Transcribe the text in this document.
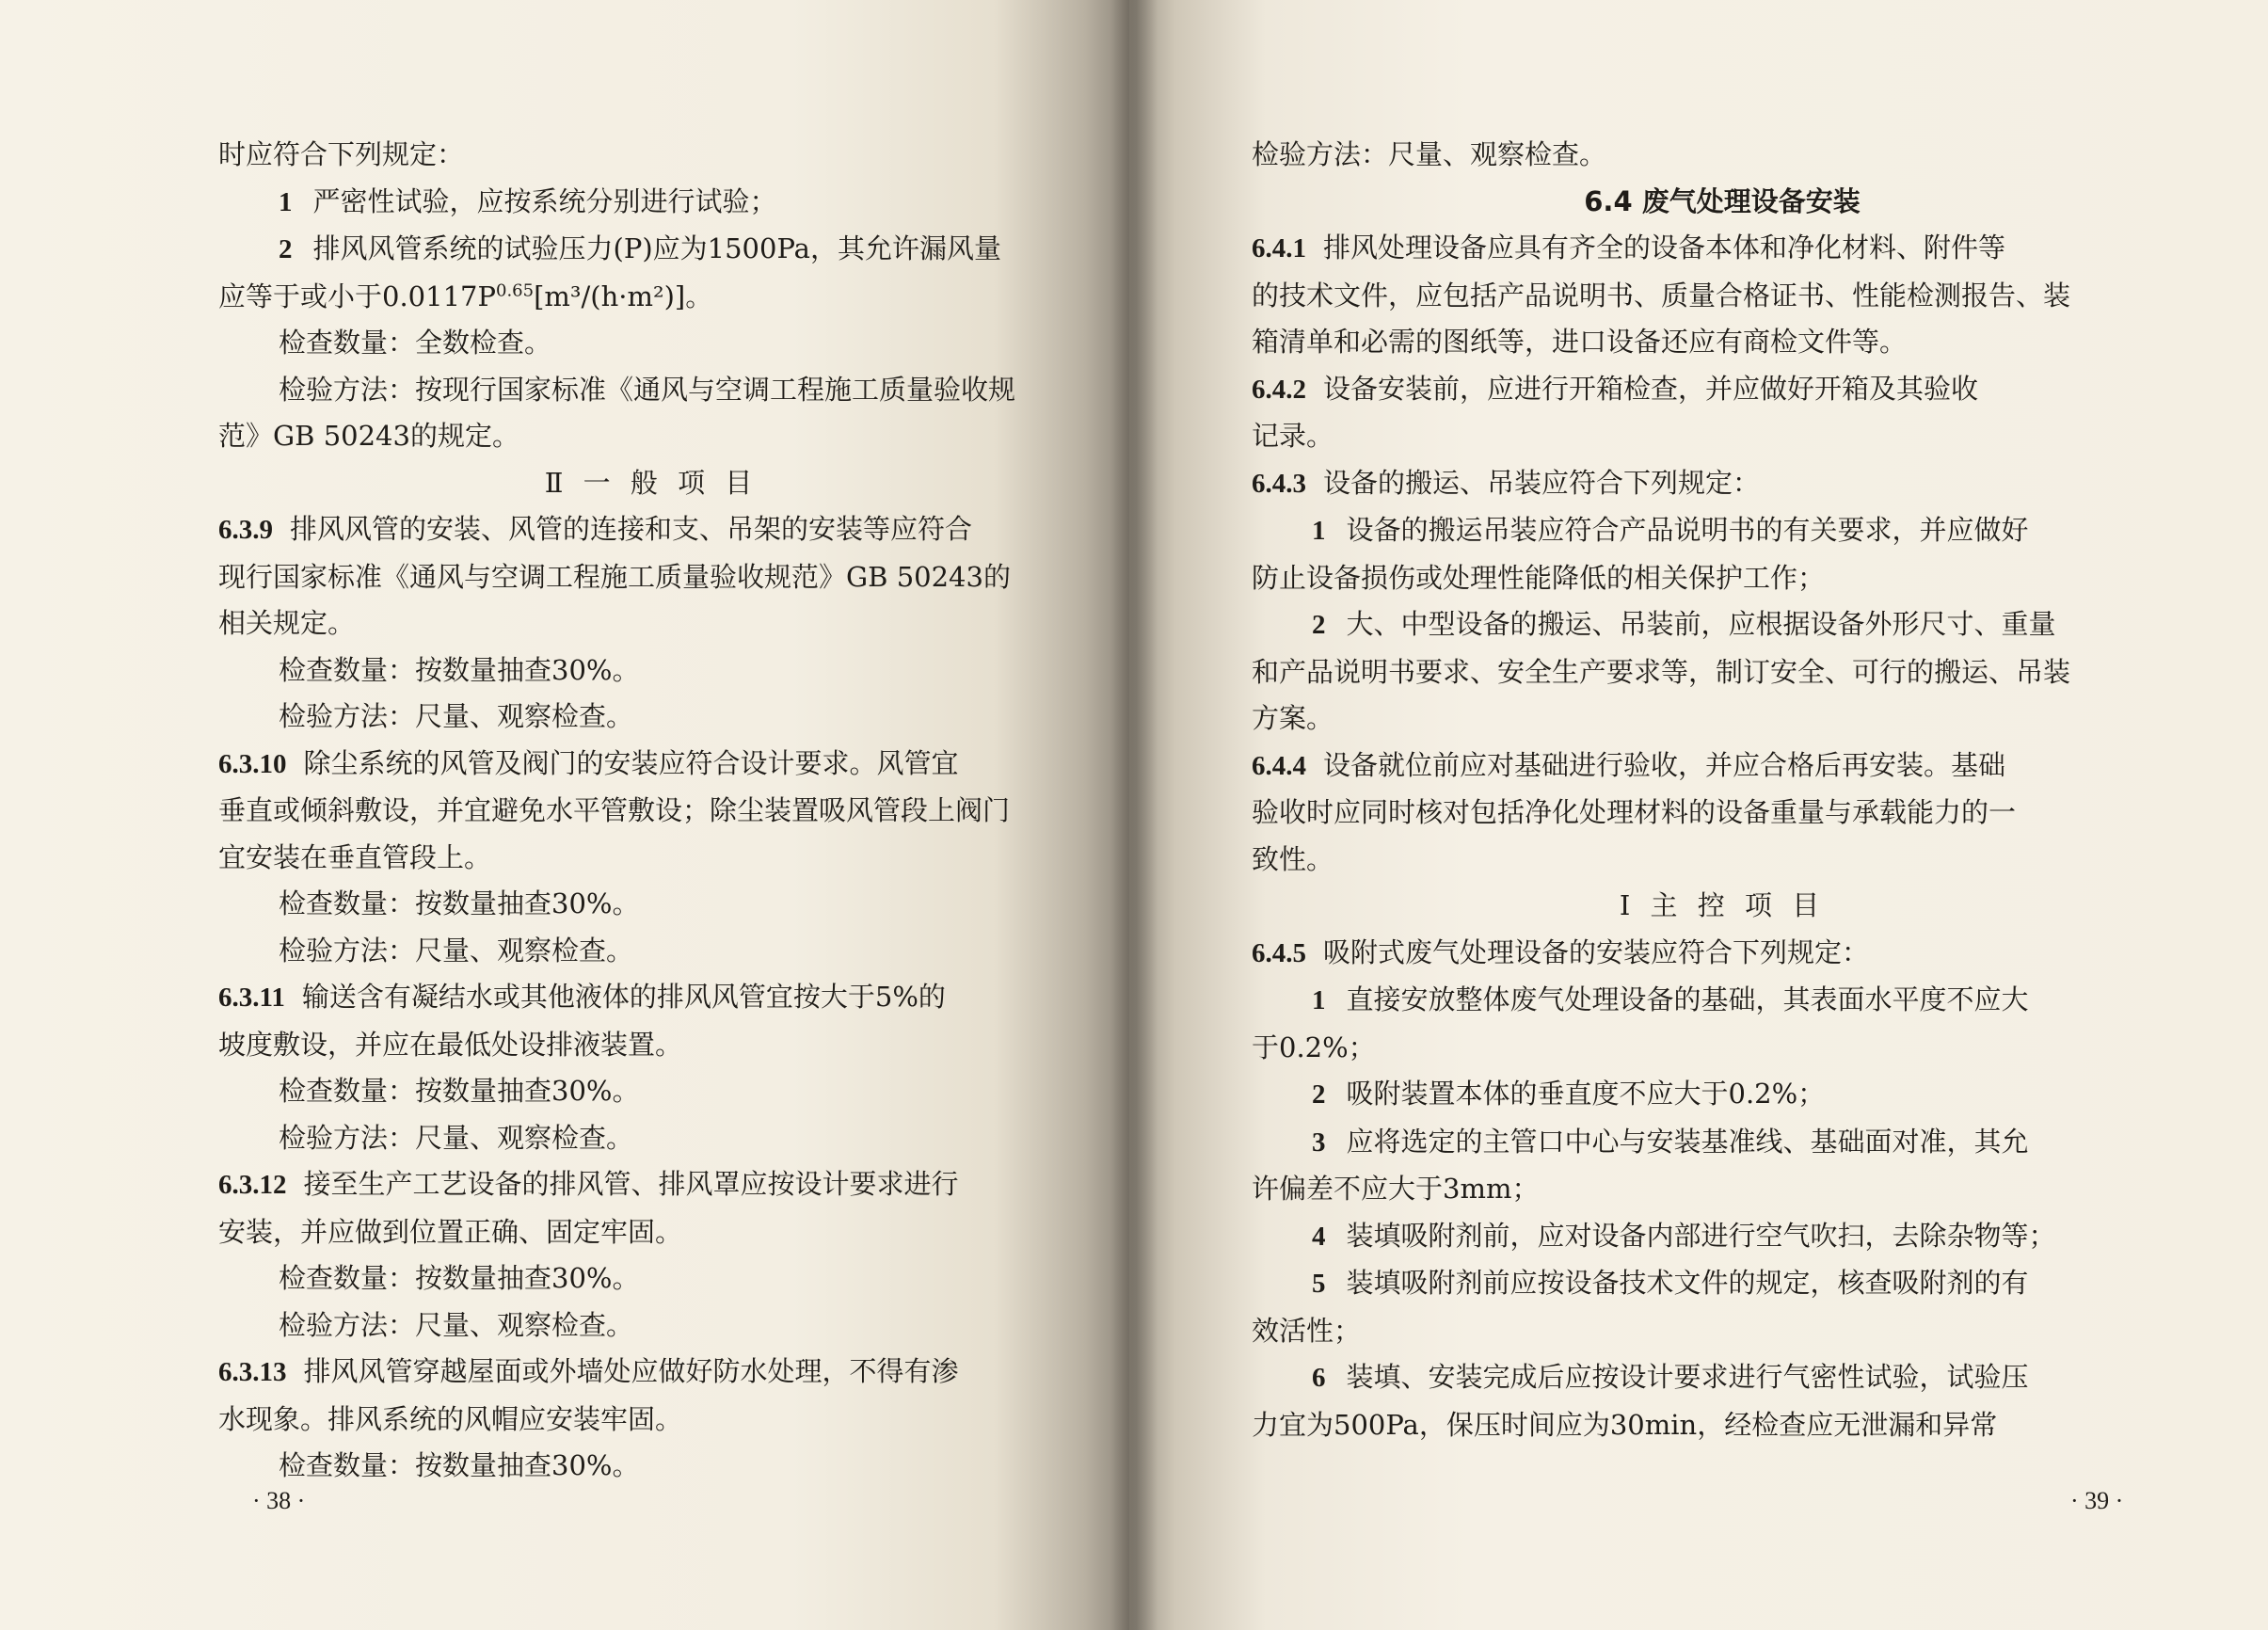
时应符合下列规定：

1 严密性试验，应按系统分别进行试验；

2 排风风管系统的试验压力(P)应为1500Pa，其允许漏风量

应等于或小于$0.0117P^{0.65}[m^3/(h\cdot m^2)]$。

检查数量：全数检查。

检验方法：按现行国家标准《通风与空调工程施工质量验收规

范》GB 50243的规定。

Ⅱ 一 般 项 目

6.3.9 排风风管的安装、风管的连接和支、吊架的安装等应符合

现行国家标准《通风与空调工程施工质量验收规范》GB 50243的

相关规定。

检查数量：按数量抽查30%。

检验方法：尺量、观察检查。

6.3.10 除尘系统的风管及阀门的安装应符合设计要求。风管宜

垂直或倾斜敷设，并宜避免水平管敷设；除尘装置吸风管段上阀门

宜安装在垂直管段上。

检查数量：按数量抽查30%。

检验方法：尺量、观察检查。

6.3.11 输送含有凝结水或其他液体的排风风管宜按大于5%的

坡度敷设，并应在最低处设排液装置。

检查数量：按数量抽查30%。

检验方法：尺量、观察检查。

6.3.12 接至生产工艺设备的排风管、排风罩应按设计要求进行

安装，并应做到位置正确、固定牢固。

检查数量：按数量抽查30%。

检验方法：尺量、观察检查。

6.3.13 排风风管穿越屋面或外墙处应做好防水处理，不得有渗

水现象。排风系统的风帽应安装牢固。

检查数量：按数量抽查30%。

· 38 ·

检验方法：尺量、观察检查。

6.4 废气处理设备安装

6.4.1 排风处理设备应具有齐全的设备本体和净化材料、附件等

的技术文件，应包括产品说明书、质量合格证书、性能检测报告、装

箱清单和必需的图纸等，进口设备还应有商检文件等。

6.4.2 设备安装前，应进行开箱检查，并应做好开箱及其验收

记录。

6.4.3 设备的搬运、吊装应符合下列规定：

1 设备的搬运吊装应符合产品说明书的有关要求，并应做好

防止设备损伤或处理性能降低的相关保护工作；

2 大、中型设备的搬运、吊装前，应根据设备外形尺寸、重量

和产品说明书要求、安全生产要求等，制订安全、可行的搬运、吊装

方案。

6.4.4 设备就位前应对基础进行验收，并应合格后再安装。基础

验收时应同时核对包括净化处理材料的设备重量与承载能力的一

致性。

Ⅰ 主 控 项 目

6.4.5 吸附式废气处理设备的安装应符合下列规定：

1 直接安放整体废气处理设备的基础，其表面水平度不应大

于0.2%；

2 吸附装置本体的垂直度不应大于0.2%；

3 应将选定的主管口中心与安装基准线、基础面对准，其允

许偏差不应大于3mm；

4 装填吸附剂前，应对设备内部进行空气吹扫，去除杂物等；

5 装填吸附剂前应按设备技术文件的规定，核查吸附剂的有

效活性；

6 装填、安装完成后应按设计要求进行气密性试验，试验压

力宜为500Pa，保压时间应为30min，经检查应无泄漏和异常

· 39 ·
